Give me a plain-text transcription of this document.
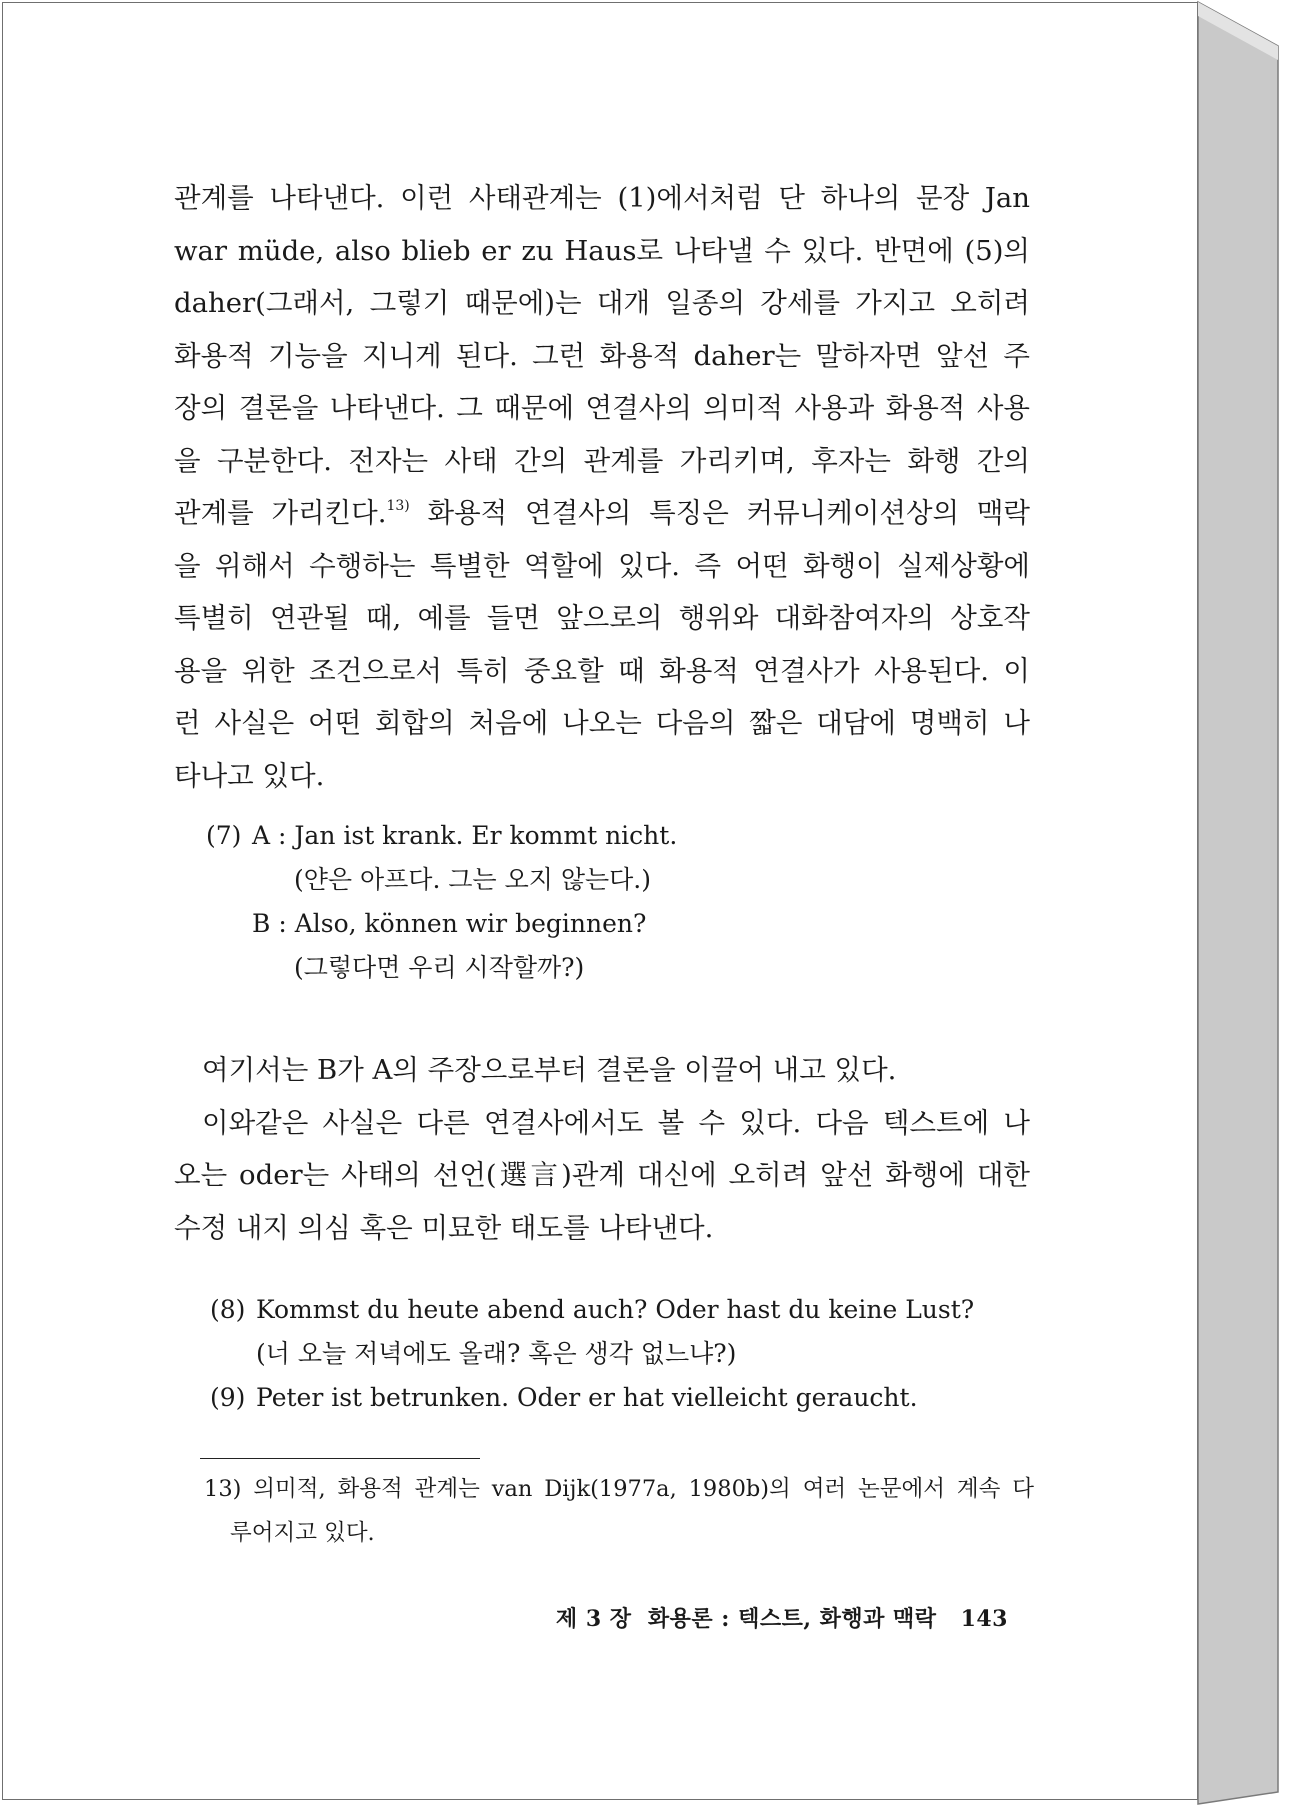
관계를 나타낸다. 이런 사태관계는 (1)에서처럼 단 하나의 문장 Jan
war müde, also blieb er zu Haus로 나타낼 수 있다. 반면에 (5)의
daher(그래서, 그렇기 때문에)는 대개 일종의 강세를 가지고 오히려
화용적 기능을 지니게 된다. 그런 화용적 daher는 말하자면 앞선 주
장의 결론을 나타낸다. 그 때문에 연결사의 의미적 사용과 화용적 사용
을 구분한다. 전자는 사태 간의 관계를 가리키며, 후자는 화행 간의
관계를 가리킨다.$^{13)}$ 화용적 연결사의 특징은 커뮤니케이션상의 맥락
을 위해서 수행하는 특별한 역할에 있다. 즉 어떤 화행이 실제상황에
특별히 연관될 때, 예를 들면 앞으로의 행위와 대화참여자의 상호작
용을 위한 조건으로서 특히 중요할 때 화용적 연결사가 사용된다. 이
런 사실은 어떤 회합의 처음에 나오는 다음의 짧은 대담에 명백히 나
타나고 있다.
(7) A : Jan ist krank. Er kommt nicht.
(얀은 아프다. 그는 오지 않는다.)
B : Also, können wir beginnen?
(그렇다면 우리 시작할까?)
여기서는 B가 A의 주장으로부터 결론을 이끌어 내고 있다.
이와같은 사실은 다른 연결사에서도 볼 수 있다. 다음 텍스트에 나
오는 oder는 사태의 선언(選言)관계 대신에 오히려 앞선 화행에 대한
수정 내지 의심 혹은 미묘한 태도를 나타낸다.
(8) Kommst du heute abend auch? Oder hast du keine Lust?
(너 오늘 저녁에도 올래? 혹은 생각 없느냐?)
(9) Peter ist betrunken. Oder er hat vielleicht geraucht.
13) 의미적, 화용적 관계는 van Dijk(1977a, 1980b)의 여러 논문에서 계속 다
루어지고 있다.
제 3 장  화용론 : 텍스트, 화행과 맥락 143
